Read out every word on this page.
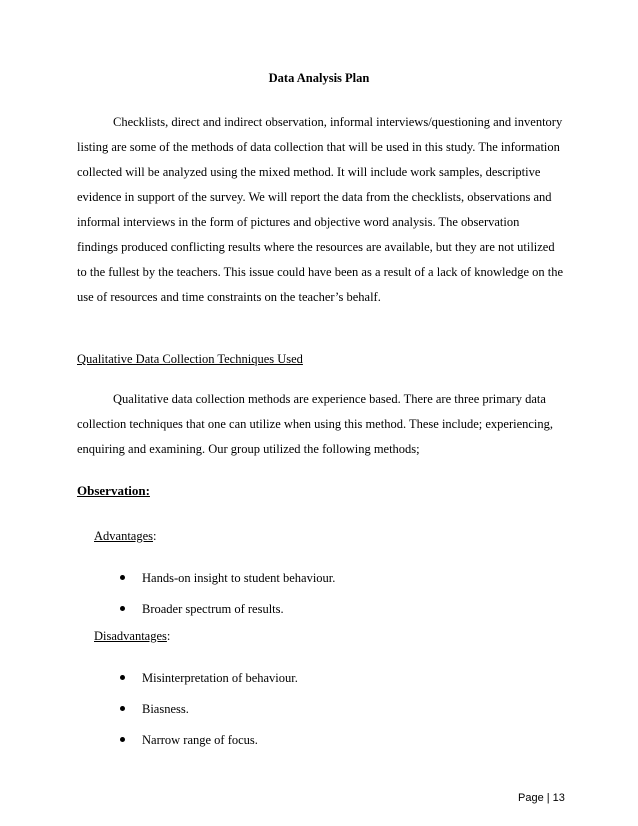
Data Analysis Plan
Checklists, direct and indirect observation, informal interviews/questioning and inventory
listing are some of the methods of data collection that will be used in this study. The information
collected will be analyzed using the mixed method. It will include work samples, descriptive
evidence in support of the survey. We will report the data from the checklists, observations and
informal interviews in the form of pictures and objective word analysis. The observation
findings produced conflicting results where the resources are available, but they are not utilized
to the fullest by the teachers. This issue could have been as a result of a lack of knowledge on the
use of resources and time constraints on the teacher’s behalf.
Qualitative Data Collection Techniques Used
Qualitative data collection methods are experience based. There are three primary data
collection techniques that one can utilize when using this method. These include; experiencing,
enquiring and examining. Our group utilized the following methods;
Observation:
Advantages:
Hands-on insight to student behaviour.
Broader spectrum of results.
Disadvantages:
Misinterpretation of behaviour.
Biasness.
Narrow range of focus.
Page | 13
